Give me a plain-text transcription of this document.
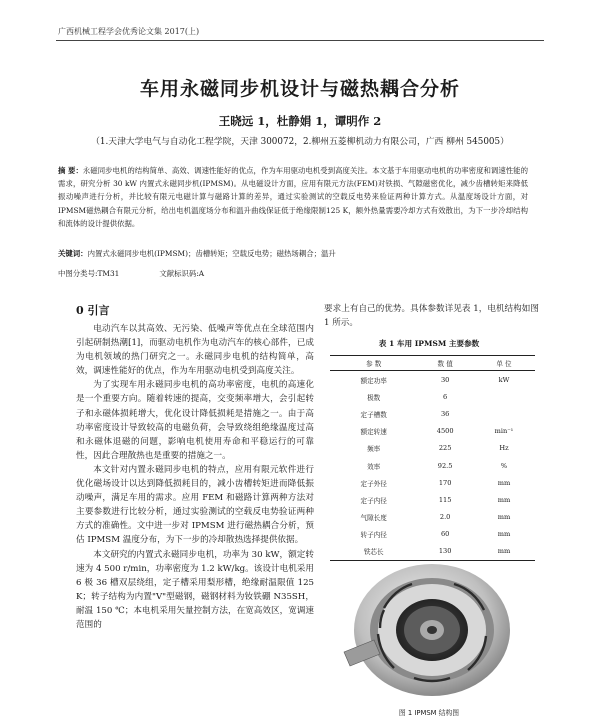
广西机械工程学会优秀论文集 2017(上)
车用永磁同步机设计与磁热耦合分析
王晓远 1，杜静娟 1，谭明作 2
（1.天津大学电气与自动化工程学院，天津 300072，2.柳州五菱柳机动力有限公司，广西 柳州 545005）
摘 要：永磁同步电机的结构简单、高效、调速性能好的优点，作为车用驱动电机受到高度关注。本文基于车用驱动电机的功率密度和调速性能的需求，研究分析 30 kW 内置式永磁同步机(IPMSM)。从电磁设计方面，应用有限元方法(FEM)对铁损、气隙磁密优化，减少齿槽转矩来降低振动噪声进行分析，并比较有限元电磁计算与磁路计算的差异，通过实验测试的空载反电势来验证两种计算方式。从温度场设计方面，对IPMSM磁热耦合有限元分析，给出电机温度场分布和温升曲线保证低于绝缘限制125 K，额外热量需要冷却方式有效散出，为下一步冷却结构和流体的设计提供依据。
关键词：内置式永磁同步电机(IPMSM)；齿槽转矩；空载反电势；磁热场耦合；温升
中图分类号:TM31	文献标识码:A
0 引言

电动汽车以其高效、无污染、低噪声等优点在全球范围内引起研制热潮[1]，而驱动电机作为电动汽车的核心部件，已成为电机领域的热门研究之一。永磁同步电机的结构简单，高效，调速性能好的优点，作为车用驱动电机受到高度关注。

为了实现车用永磁同步电机的高功率密度，电机的高速化是一个重要方向。随着转速的提高，交变频率增大，会引起转子和永磁体损耗增大，优化设计降低损耗是措施之一。由于高功率密度设计导致较高的电磁负荷，会导致绕组绝缘温度过高和永磁体退磁的问题，影响电机使用寿命和平稳运行的可靠性，因此合理散热也是重要的措施之一。

本文针对内置永磁同步电机的特点，应用有限元软件进行优化磁场设计以达到降低损耗目的，减小齿槽转矩进而降低振动噪声，满足车用的需求。应用 FEM 和磁路计算两种方法对主要参数进行比较分析，通过实验测试的空载反电势验证两种方式的准确性。文中进一步对 IPMSM 进行磁热耦合分析，预估 IPMSM 温度分布，为下一步的冷却散热选择提供依据。

本文研究的内置式永磁同步电机，功率为 30 kW，额定转速为 4 500 r/min，功率密度为 1.2 kW/kg。该设计电机采用 6 极 36 槽双层绕组，定子槽采用梨形槽，绝缘耐温限值 125 K；转子结构为内置"V"型磁钢，磁钢材料为钕铁硼 N35SH，耐温 150 ℃；本电机采用矢量控制方法，在宽高效区，宽调速范围的

要求上有自己的优势。具体参数详见表 1，电机结构如图 1 所示。
表 1 车用 IPMSM 主要参数
参 数	数 值	单 位
额定功率	30	kW
极数	6	
定子槽数	36	
额定转速	4500	min⁻¹
频率	225	Hz
效率	92.5	%
定子外径	170	mm
定子内径	115	mm
气隙长度	2.0	mm
转子内径	60	mm
铁芯长	130	mm
图 1 IPMSM 结构图
